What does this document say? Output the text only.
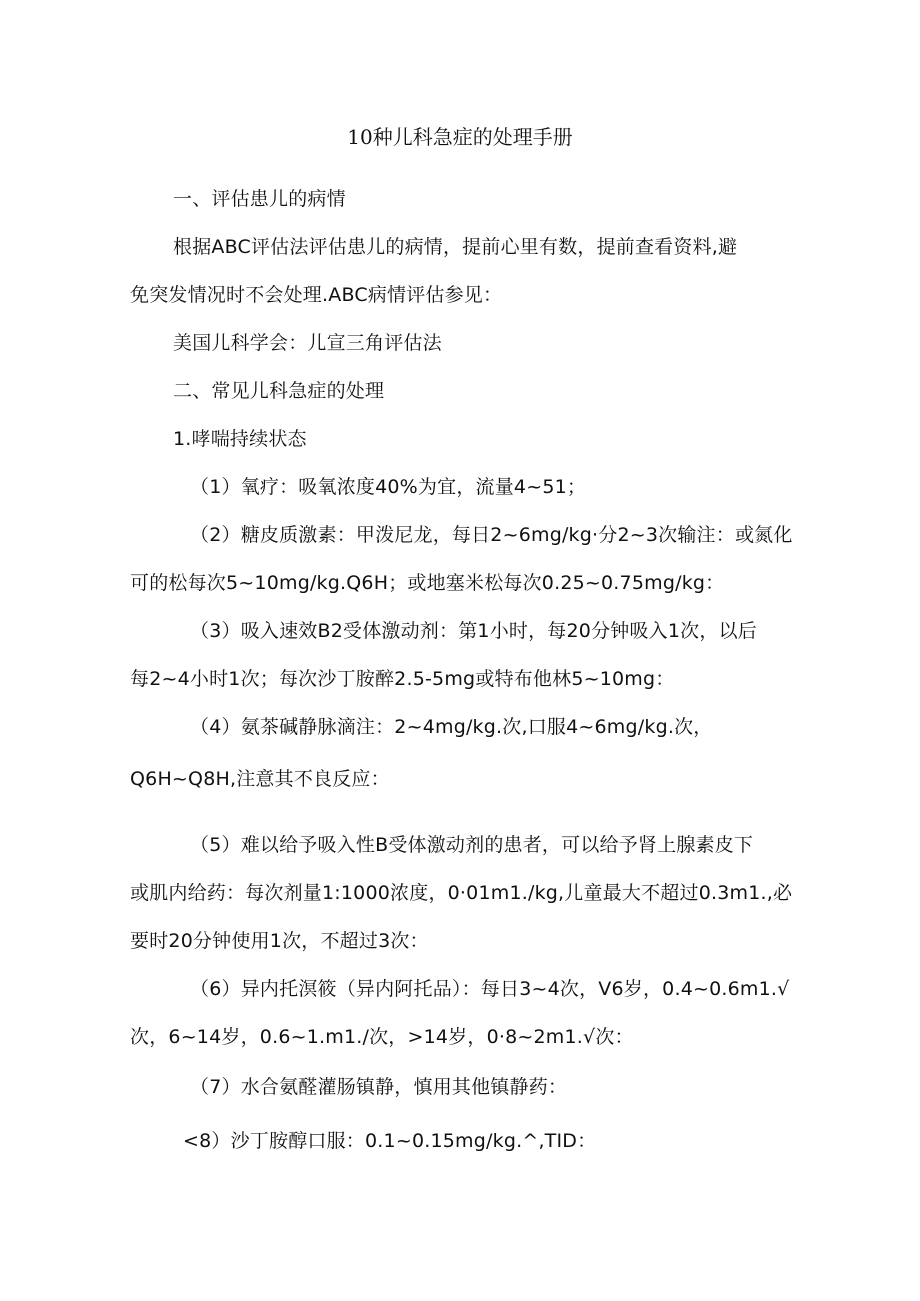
10种儿科急症的处理手册
一、评估患儿的病情
根据ABC评估法评估患儿的病情，提前心里有数，提前查看资料,避
免突发情况时不会处理.ABC病情评估参见：
美国儿科学会：儿宣三角评估法
二、常见儿科急症的处理
1.哮喘持续状态
（1）氧疗：吸氧浓度40%为宜，流量4~51；
（2）糖皮质激素：甲泼尼龙，每日2~6mg∕kg·分2~3次输注：或氮化
可的松每次5~10mg∕kg.Q6H；或地塞米松每次0.25~0.75mg/kg：
（3）吸入速效B2受体激动剂：第1小时，每20分钟吸入1次，以后
每2~4小时1次；每次沙丁胺醉2.5-5mg或特布他林5~10mg：
（4）氨茶碱静脉滴注：2~4mg/kg.次,口服4~6mg/kg.次，
Q6H~Q8H,注意其不良反应：
（5）难以给予吸入性B受体激动剂的患者，可以给予肾上腺素皮下
或肌内给药：每次剂量1:1000浓度，0·01m1.∕kg,儿童最大不超过0.3m1.,必
要时20分钟使用1次，不超过3次：
（6）异内托溟筱（异内阿托品）：每日3~4次，V6岁，0.4~0.6m1.√
次，6~14岁，0.6~1.m1./次，>14岁，0·8~2m1.√次：
（7）水合氨醛灌肠镇静，慎用其他镇静药：
<8）沙丁胺醇口服：0.1~0.15mg/kg.^,TID：
